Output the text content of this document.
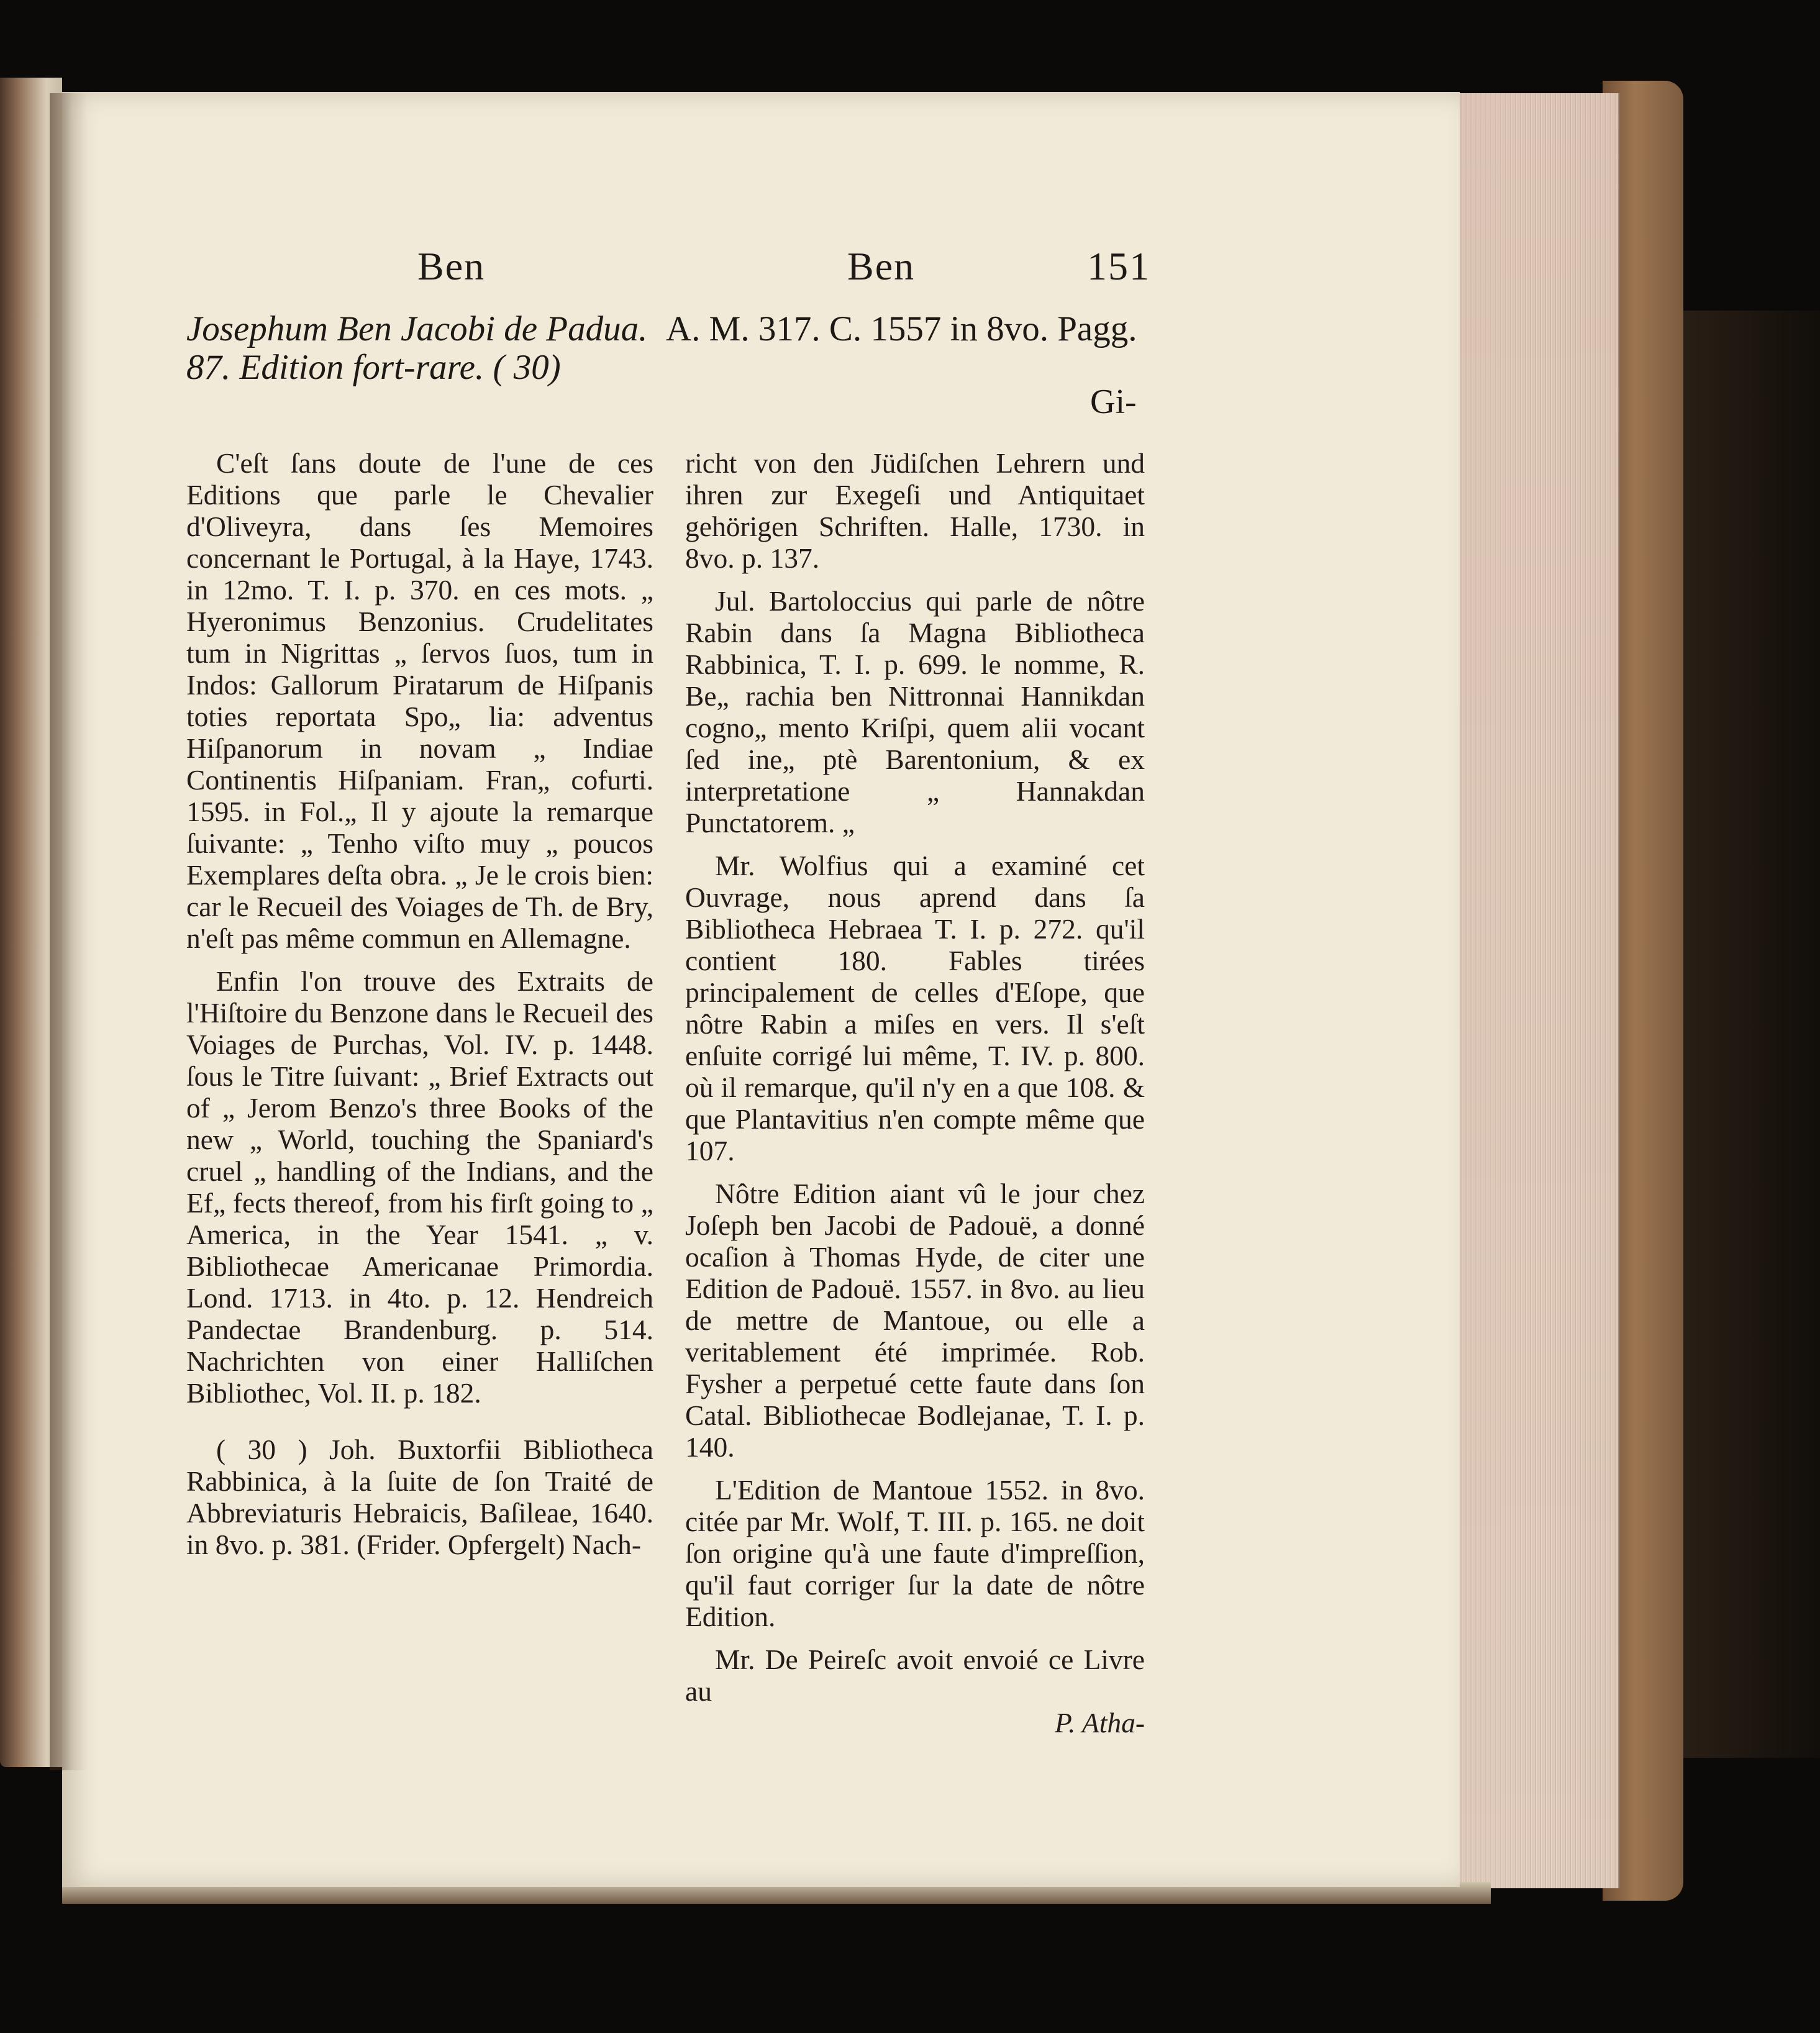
Ben	Ben	151
Josephum Ben Jacobi de Padua. A. M. 317. C. 1557 in 8vo. Pagg.
87. Edition fort-rare. ( 30)
Gi-

C'eſt ſans doute de l'une de ces Editions que parle le Chevalier d'Oliveyra, dans ſes Memoires concernant le Portugal, à la Haye, 1743. in 12mo. T. I. p. 370. en ces mots. „ Hyeronimus Benzonius. Crudelitates tum in Nigrittas „ ſervos ſuos, tum in Indos: Gallorum Piratarum de Hiſpanis toties reportata Spo„ lia: adventus Hiſpanorum in novam „ Indiae Continentis Hiſpaniam. Fran„ cofurti. 1595. in Fol.„ Il y ajoute la remarque ſuivante: „ Tenho viſto muy „ poucos Exemplares deſta obra. „ Je le crois bien: car le Recueil des Voiages de Th. de Bry, n'eſt pas même commun en Allemagne.

Enfin l'on trouve des Extraits de l'Hiſtoire du Benzone dans le Recueil des Voiages de Purchas, Vol. IV. p. 1448. ſous le Titre ſuivant: „ Brief Extracts out of „ Jerom Benzo's three Books of the new „ World, touching the Spaniard's cruel „ handling of the Indians, and the Ef„ fects thereof, from his firſt going to „ America, in the Year 1541. „ v. Bibliothecae Americanae Primordia. Lond. 1713. in 4to. p. 12. Hendreich Pandectae Brandenburg. p. 514. Nachrichten von einer Halliſchen Bibliothec, Vol. II. p. 182.

( 30 ) Joh. Buxtorfii Bibliotheca Rabbinica, à la ſuite de ſon Traité de Abbreviaturis Hebraicis, Baſileae, 1640. in 8vo. p. 381. (Frider. Opfergelt) Nach-

richt von den Jüdiſchen Lehrern und ihren zur Exegeſi und Antiquitaet gehörigen Schriften. Halle, 1730. in 8vo. p. 137.

Jul. Bartoloccius qui parle de nôtre Rabin dans ſa Magna Bibliotheca Rabbinica, T. I. p. 699. le nomme, R. Be„ rachia ben Nittronnai Hannikdan cogno„ mento Kriſpi, quem alii vocant ſed ine„ ptè Barentonium, & ex interpretatione „ Hannakdan Punctatorem. „

Mr. Wolfius qui a examiné cet Ouvrage, nous aprend dans ſa Bibliotheca Hebraea T. I. p. 272. qu'il contient 180. Fables tirées principalement de celles d'Eſope, que nôtre Rabin a miſes en vers. Il s'eſt enſuite corrigé lui même, T. IV. p. 800. où il remarque, qu'il n'y en a que 108. & que Plantavitius n'en compte même que 107.

Nôtre Edition aiant vû le jour chez Joſeph ben Jacobi de Padouë, a donné ocaſion à Thomas Hyde, de citer une Edition de Padouë. 1557. in 8vo. au lieu de mettre de Mantoue, ou elle a veritablement été imprimée. Rob. Fysher a perpetué cette faute dans ſon Catal. Bibliothecae Bodlejanae, T. I. p. 140.

L'Edition de Mantoue 1552. in 8vo. citée par Mr. Wolf, T. III. p. 165. ne doit ſon origine qu'à une faute d'impreſſion, qu'il faut corriger ſur la date de nôtre Edition.

Mr. De Peireſc avoit envoié ce Livre au

P. Atha-
